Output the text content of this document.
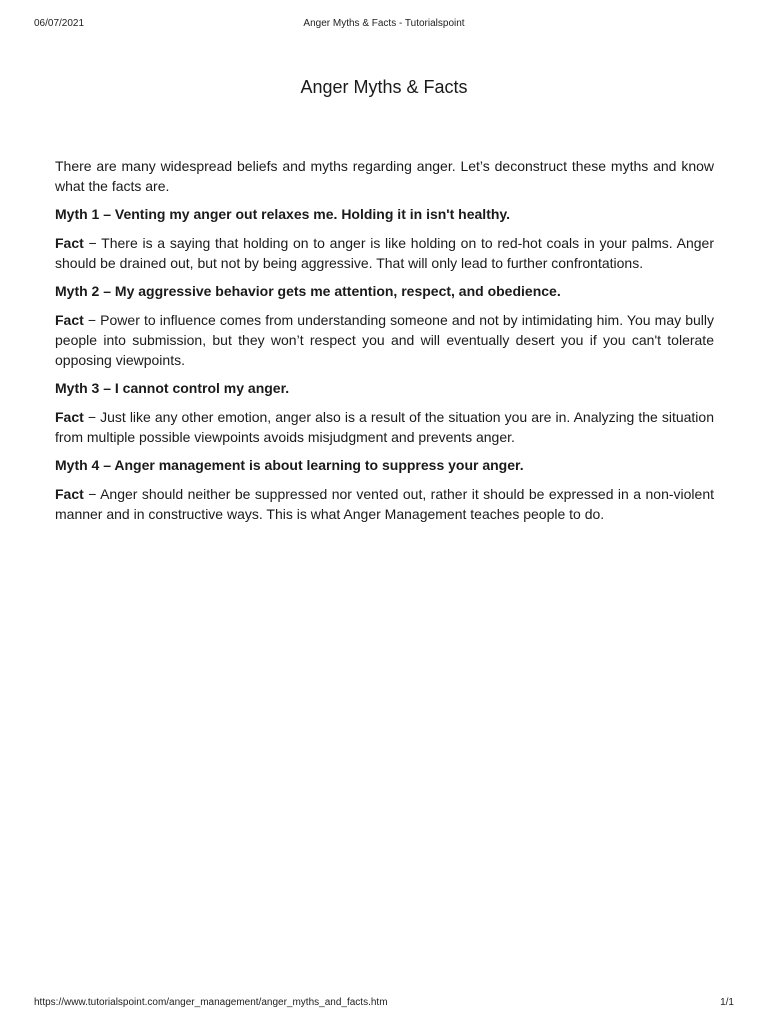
06/07/2021	Anger Myths & Facts - Tutorialspoint
Anger Myths & Facts

There are many widespread beliefs and myths regarding anger. Let’s deconstruct these myths and know what the facts are.

Myth 1 – Venting my anger out relaxes me. Holding it in isn't healthy.

Fact − There is a saying that holding on to anger is like holding on to red-hot coals in your palms. Anger should be drained out, but not by being aggressive. That will only lead to further confrontations.

Myth 2 – My aggressive behavior gets me attention, respect, and obedience.

Fact − Power to influence comes from understanding someone and not by intimidating him. You may bully people into submission, but they won’t respect you and will eventually desert you if you can't tolerate opposing viewpoints.

Myth 3 – I cannot control my anger.

Fact − Just like any other emotion, anger also is a result of the situation you are in. Analyzing the situation from multiple possible viewpoints avoids misjudgment and prevents anger.

Myth 4 – Anger management is about learning to suppress your anger.

Fact − Anger should neither be suppressed nor vented out, rather it should be expressed in a non-violent manner and in constructive ways. This is what Anger Management teaches people to do.

https://www.tutorialspoint.com/anger_management/anger_myths_and_facts.htm	1/1
